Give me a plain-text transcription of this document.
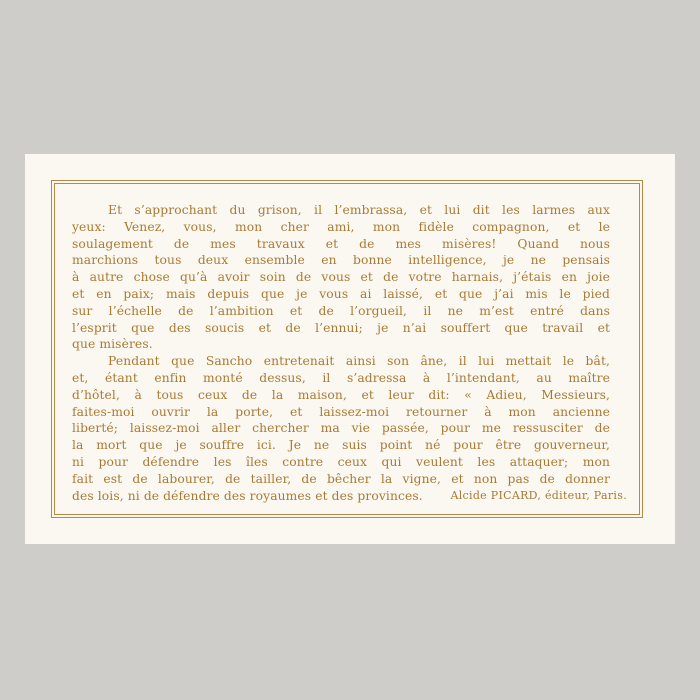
Et s’approchant du grison, il l’embrassa, et lui dit les larmes aux
yeux: Venez, vous, mon cher ami, mon fidèle compagnon, et le
soulagement de mes travaux et de mes misères! Quand nous
marchions tous deux ensemble en bonne intelligence, je ne pensais
à autre chose qu’à avoir soin de vous et de votre harnais, j’étais en joie
et en paix; mais depuis que je vous ai laissé, et que j’ai mis le pied
sur l’échelle de l’ambition et de l’orgueil, il ne m’est entré dans
l’esprit que des soucis et de l’ennui; je n’ai souffert que travail et
que misères.

Pendant que Sancho entretenait ainsi son âne, il lui mettait le bât,
et, étant enfin monté dessus, il s’adressa à l’intendant, au maître
d’hôtel, à tous ceux de la maison, et leur dit: « Adieu, Messieurs,
faites-moi ouvrir la porte, et laissez-moi retourner à mon ancienne
liberté; laissez-moi aller chercher ma vie passée, pour me ressusciter de
la mort que je souffre ici. Je ne suis point né pour être gouverneur,
ni pour défendre les îles contre ceux qui veulent les attaquer; mon
fait est de labourer, de tailler, de bêcher la vigne, et non pas de donner
des lois, ni de défendre des royaumes et des provinces.	Alcide PICARD, éditeur, Paris.
